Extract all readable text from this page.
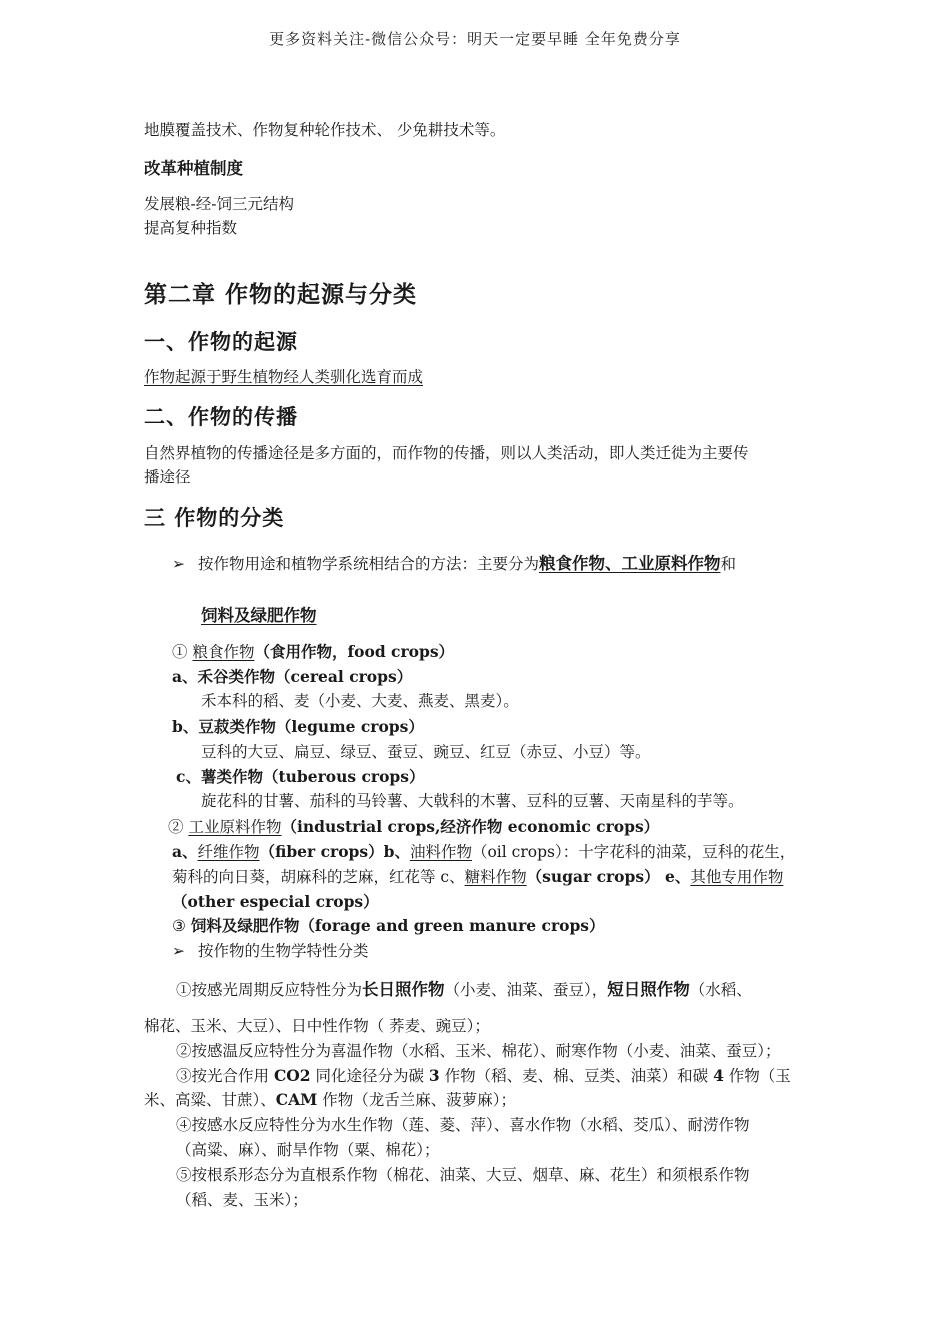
更多资料关注-微信公众号：明天一定要早睡 全年免费分享
地膜覆盖技术、作物复种轮作技术、 少免耕技术等。
改革种植制度
发展粮-经-饲三元结构
提高复种指数
第二章 作物的起源与分类
一、作物的起源
作物起源于野生植物经人类驯化选育而成
二、作物的传播
自然界植物的传播途径是多方面的，而作物的传播，则以人类活动，即人类迁徙为主要传
播途径
三 作物的分类
➢ 按作物用途和植物学系统相结合的方法：主要分为粮食作物、工业原料作物和
饲料及绿肥作物
① 粮食作物（食用作物，food crops）
a、禾谷类作物（cereal crops）
禾本科的稻、麦（小麦、大麦、燕麦、黑麦）。
b、豆菽类作物（legume crops）
豆科的大豆、扁豆、绿豆、蚕豆、豌豆、红豆（赤豆、小豆）等。
c、薯类作物（tuberous crops）
旋花科的甘薯、茄科的马铃薯、大戟科的木薯、豆科的豆薯、天南星科的芋等。
② 工业原料作物（industrial crops,经济作物 economic crops）
a、纤维作物（fiber crops）b、油料作物（oil crops）：十字花科的油菜，豆科的花生，
菊科的向日葵，胡麻科的芝麻，红花等 c、糖料作物（sugar crops） e、其他专用作物
（other especial crops）
③ 饲料及绿肥作物（forage and green manure crops）
➢ 按作物的生物学特性分类
①按感光周期反应特性分为长日照作物（小麦、油菜、蚕豆），短日照作物（水稻、
棉花、玉米、大豆）、日中性作物（ 荞麦、豌豆）；
②按感温反应特性分为喜温作物（水稻、玉米、棉花）、耐寒作物（小麦、油菜、蚕豆）；
③按光合作用 CO2 同化途径分为碳 3 作物（稻、麦、棉、豆类、油菜）和碳 4 作物（玉
米、高粱、甘蔗）、CAM 作物（龙舌兰麻、菠萝麻）；
④按感水反应特性分为水生作物（莲、菱、萍）、喜水作物（水稻、茭瓜）、耐涝作物
（高粱、麻）、耐旱作物（粟、棉花）；
⑤按根系形态分为直根系作物（棉花、油菜、大豆、烟草、麻、花生）和须根系作物
（稻、麦、玉米）；
